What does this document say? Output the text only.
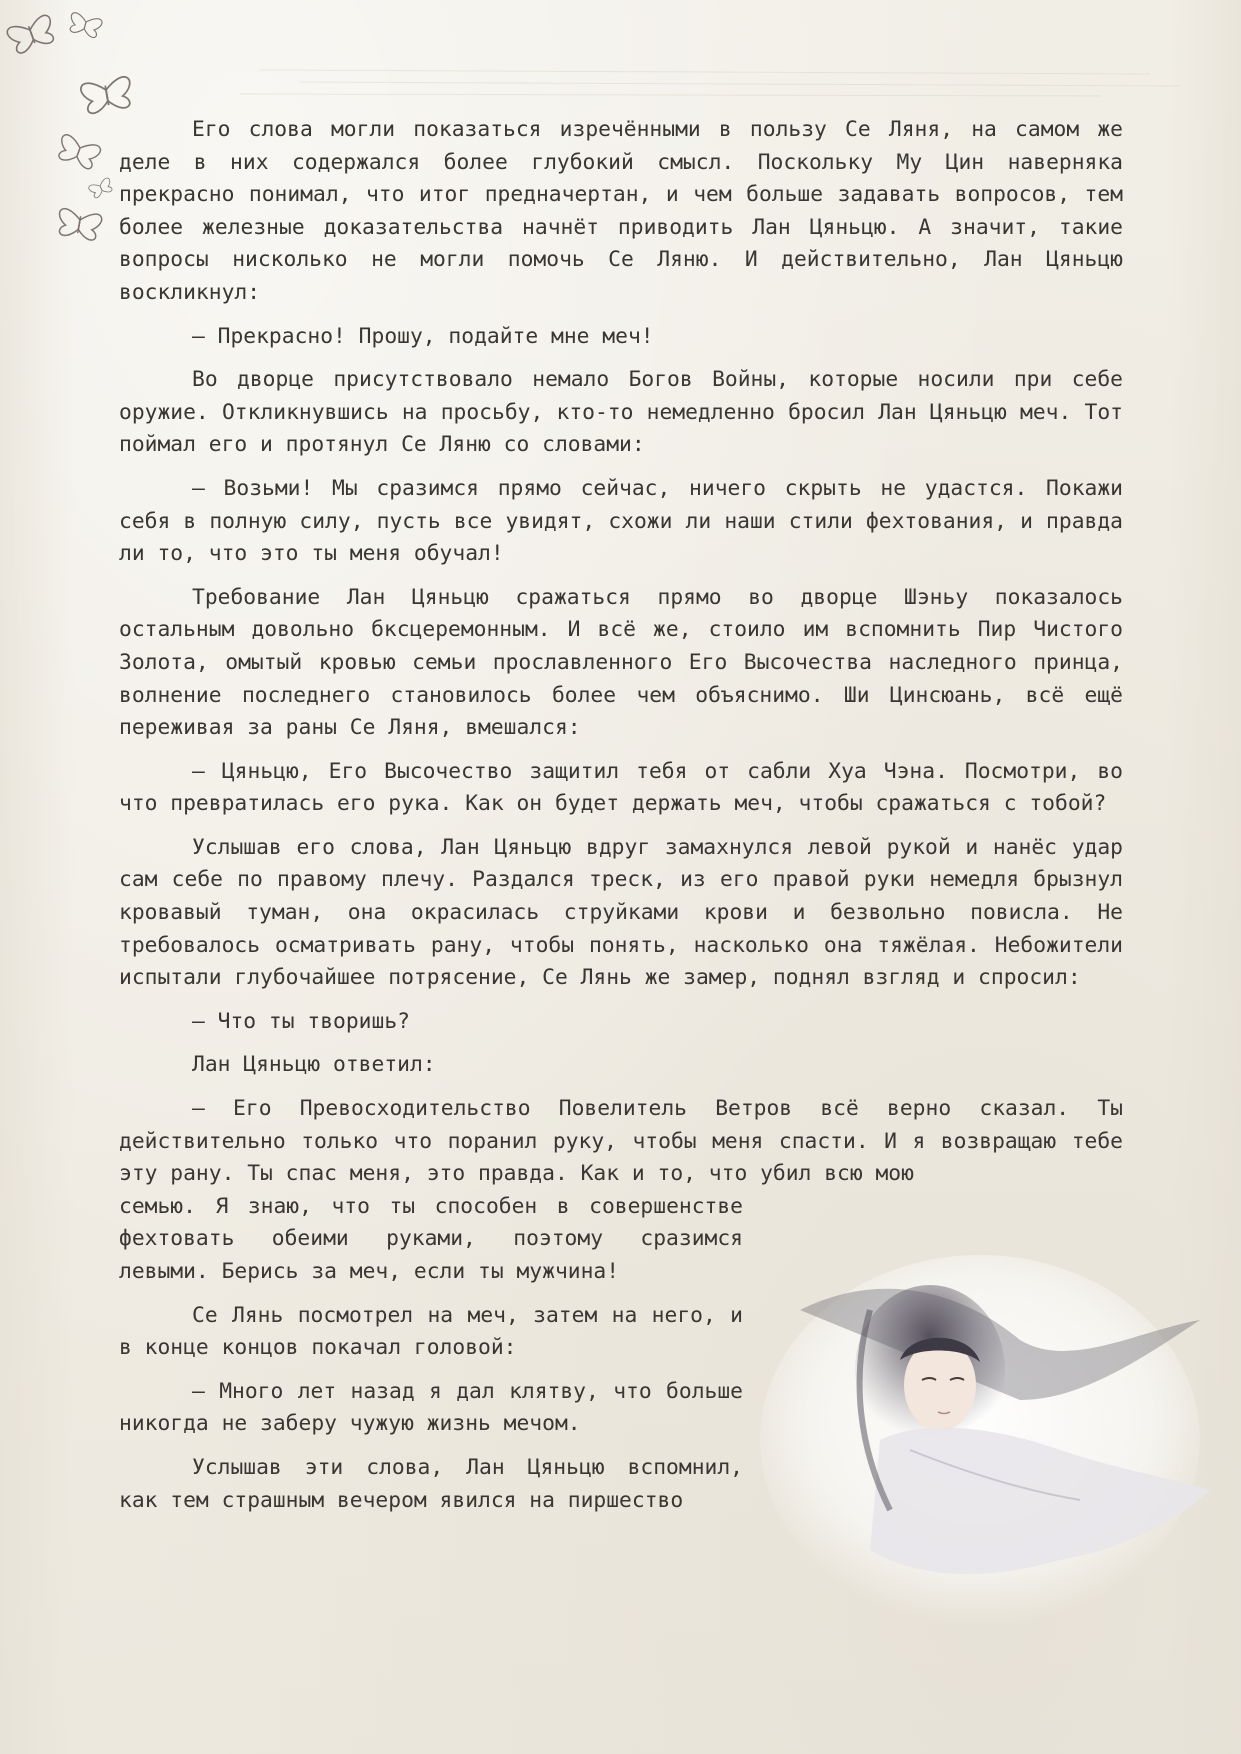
Его слова могли показаться изречёнными в пользу Се Ляня, на самом же деле в них содержался более глубокий смысл. Поскольку Му Цин наверняка прекрасно понимал, что итог предначертан, и чем больше задавать вопросов, тем более железные доказательства начнёт приводить Лан Цяньцю. А значит, такие вопросы нисколько не могли помочь Се Ляню. И действительно, Лан Цяньцю воскликнул:

— Прекрасно! Прошу, подайте мне меч!

Во дворце присутствовало немало Богов Войны, которые носили при себе оружие. Откликнувшись на просьбу, кто-то немедленно бросил Лан Цяньцю меч. Тот поймал его и протянул Се Ляню со словами:

— Возьми! Мы сразимся прямо сейчас, ничего скрыть не удастся. Покажи себя в полную силу, пусть все увидят, схожи ли наши стили фехтования, и правда ли то, что это ты меня обучал!

Требование Лан Цяньцю сражаться прямо во дворце Шэньу показалось остальным довольно бксцеремонным. И всё же, стоило им вспомнить Пир Чистого Золота, омытый кровью семьи прославленного Его Высочества наследного принца, волнение последнего становилось более чем объяснимо. Ши Цинсюань, всё ещё переживая за раны Се Ляня, вмешался:

— Цяньцю, Его Высочество защитил тебя от сабли Хуа Чэна. Посмотри, во что превратилась его рука. Как он будет держать меч, чтобы сражаться с тобой?

Услышав его слова, Лан Цяньцю вдруг замахнулся левой рукой и нанёс удар сам себе по правому плечу. Раздался треск, из его правой руки немедля брызнул кровавый туман, она окрасилась струйками крови и безвольно повисла. Не требовалось осматривать рану, чтобы понять, насколько она тяжёлая. Небожители испытали глубочайшее потрясение, Се Лянь же замер, поднял взгляд и спросил:

— Что ты творишь?

Лан Цяньцю ответил:

— Его Превосходительство Повелитель Ветров всё верно сказал. Ты действительно только что поранил руку, чтобы меня спасти. И я возвращаю тебе эту рану. Ты спас меня, это правда. Как и то, что убил всю мою

семью. Я знаю, что ты способен в совершенстве фехтовать обеими руками, поэтому сразимся левыми. Берись за меч, если ты мужчина!

Се Лянь посмотрел на меч, затем на него, и в конце концов покачал головой:

— Много лет назад я дал клятву, что больше никогда не заберу чужую жизнь мечом.

Услышав эти слова, Лан Цяньцю вспомнил, как тем страшным вечером явился на пиршество
